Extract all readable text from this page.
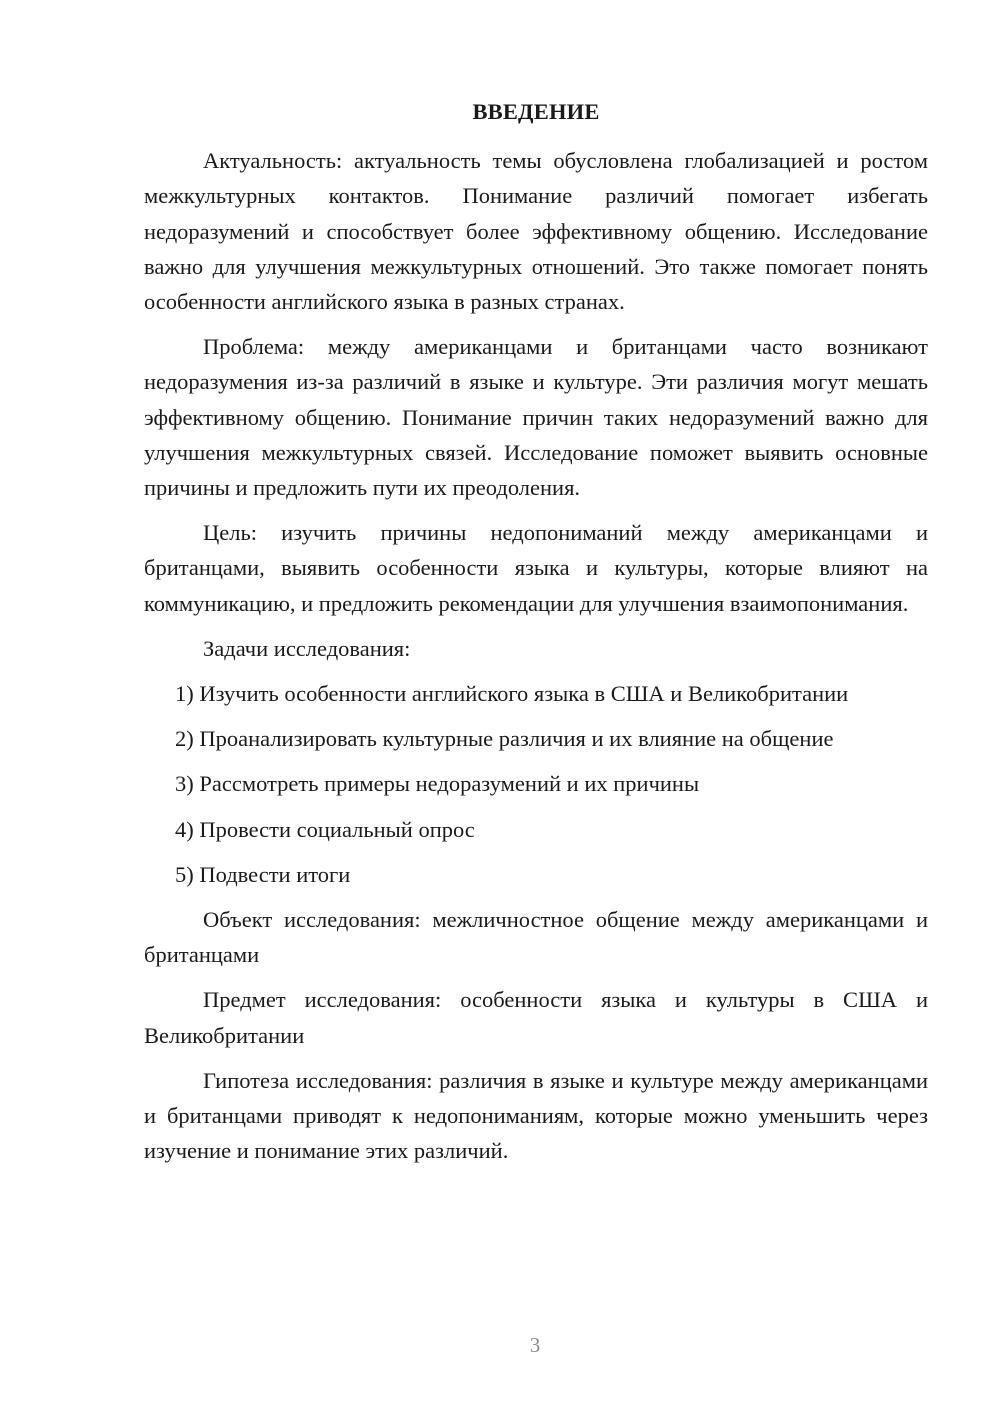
ВВЕДЕНИЕ

Актуальность: актуальность темы обусловлена глобализацией и ростом межкультурных контактов. Понимание различий помогает избегать недоразумений и способствует более эффективному общению. Исследование важно для улучшения межкультурных отношений. Это также помогает понять особенности английского языка в разных странах.

Проблема: между американцами и британцами часто возникают недоразумения из-за различий в языке и культуре. Эти различия могут мешать эффективному общению. Понимание причин таких недоразумений важно для улучшения межкультурных связей. Исследование поможет выявить основные причины и предложить пути их преодоления.

Цель: изучить причины недопониманий между американцами и британцами, выявить особенности языка и культуры, которые влияют на коммуникацию, и предложить рекомендации для улучшения взаимопонимания.

Задачи исследования:

1) Изучить особенности английского языка в США и Великобритании
2) Проанализировать культурные различия и их влияние на общение
3) Рассмотреть примеры недоразумений и их причины
4) Провести социальный опрос
5) Подвести итоги

Объект исследования: межличностное общение между американцами и британцами

Предмет исследования: особенности языка и культуры в США и Великобритании

Гипотеза исследования: различия в языке и культуре между американцами и британцами приводят к недопониманиям, которые можно уменьшить через изучение и понимание этих различий.

3
